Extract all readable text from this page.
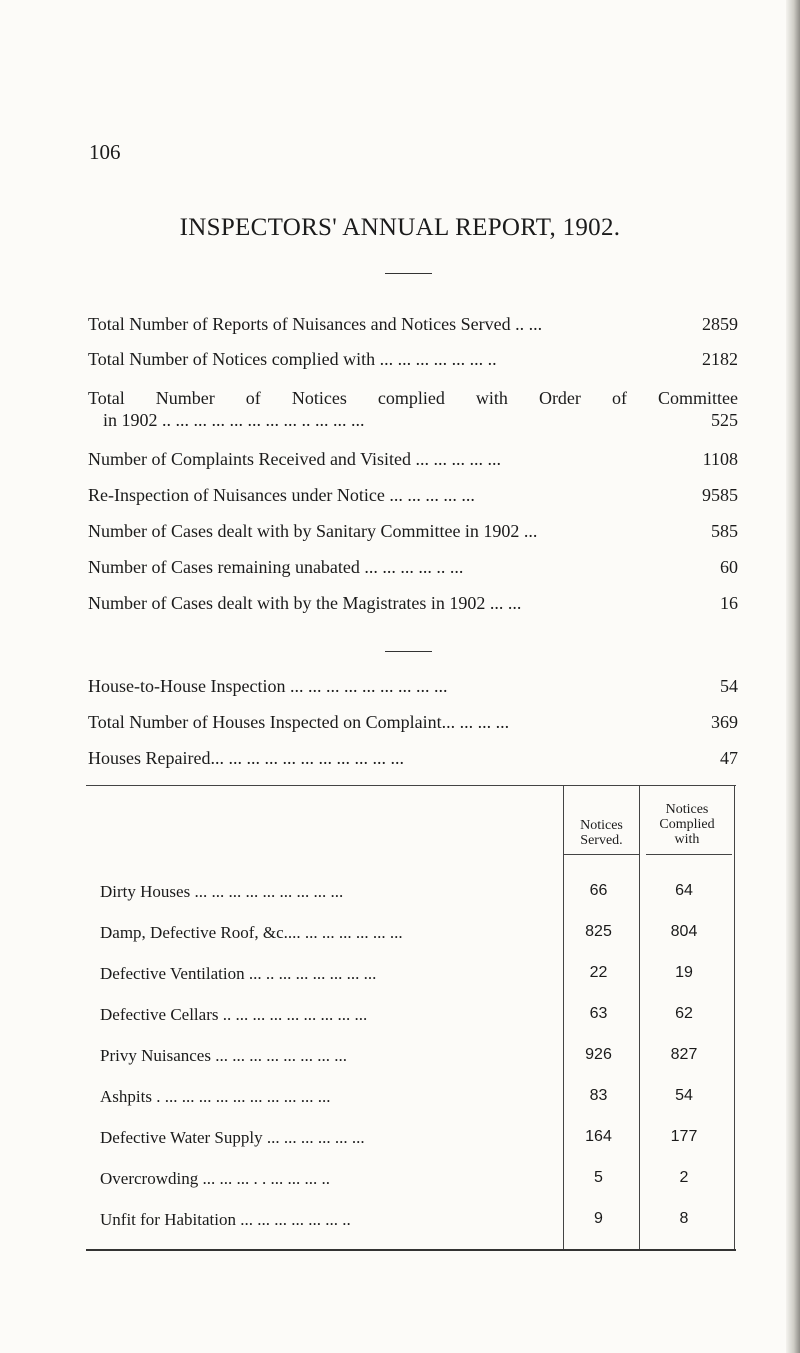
106
INSPECTORS' ANNUAL REPORT, 1902.
Total Number of Reports of Nuisances and Notices Served .. ...	2859
Total Number of Notices complied with ... ... ... ... ... ... ..	2182
Total Number of Notices complied with Order of Committee
in 1902 .. ... ... ... ... ... ... ... .. ... ... ...	525
Number of Complaints Received and Visited ... ... ... ... ...	1108
Re-Inspection of Nuisances under Notice ... ... ... ... ...	9585
Number of Cases dealt with by Sanitary Committee in 1902 ...	585
Number of Cases remaining unabated ... ... ... ... .. ...	60
Number of Cases dealt with by the Magistrates in 1902 ... ...	16
House-to-House Inspection ... ... ... ... ... ... ... ... ...	54
Total Number of Houses Inspected on Complaint... ... ... ...	369
Houses Repaired... ... ... ... ... ... ... ... ... ... ...	47
Notices
Served.
Notices
Complied
with
Dirty Houses ... ... ... ... ... ... ... ... ...	66	64
Damp, Defective Roof, &c.... ... ... ... ... ... ...	825	804
Defective Ventilation ... .. ... ... ... ... ... ...	22	19
Defective Cellars .. ... ... ... ... ... ... ... ...	63	62
Privy Nuisances ... ... ... ... ... ... ... ...	926	827
Ashpits . ... ... ... ... ... ... ... ... ... ...	83	54
Defective Water Supply ... ... ... ... ... ...	164	177
Overcrowding ... ... ... . . ... ... ... ..	5	2
Unfit for Habitation ... ... ... ... ... ... ..	9	8
